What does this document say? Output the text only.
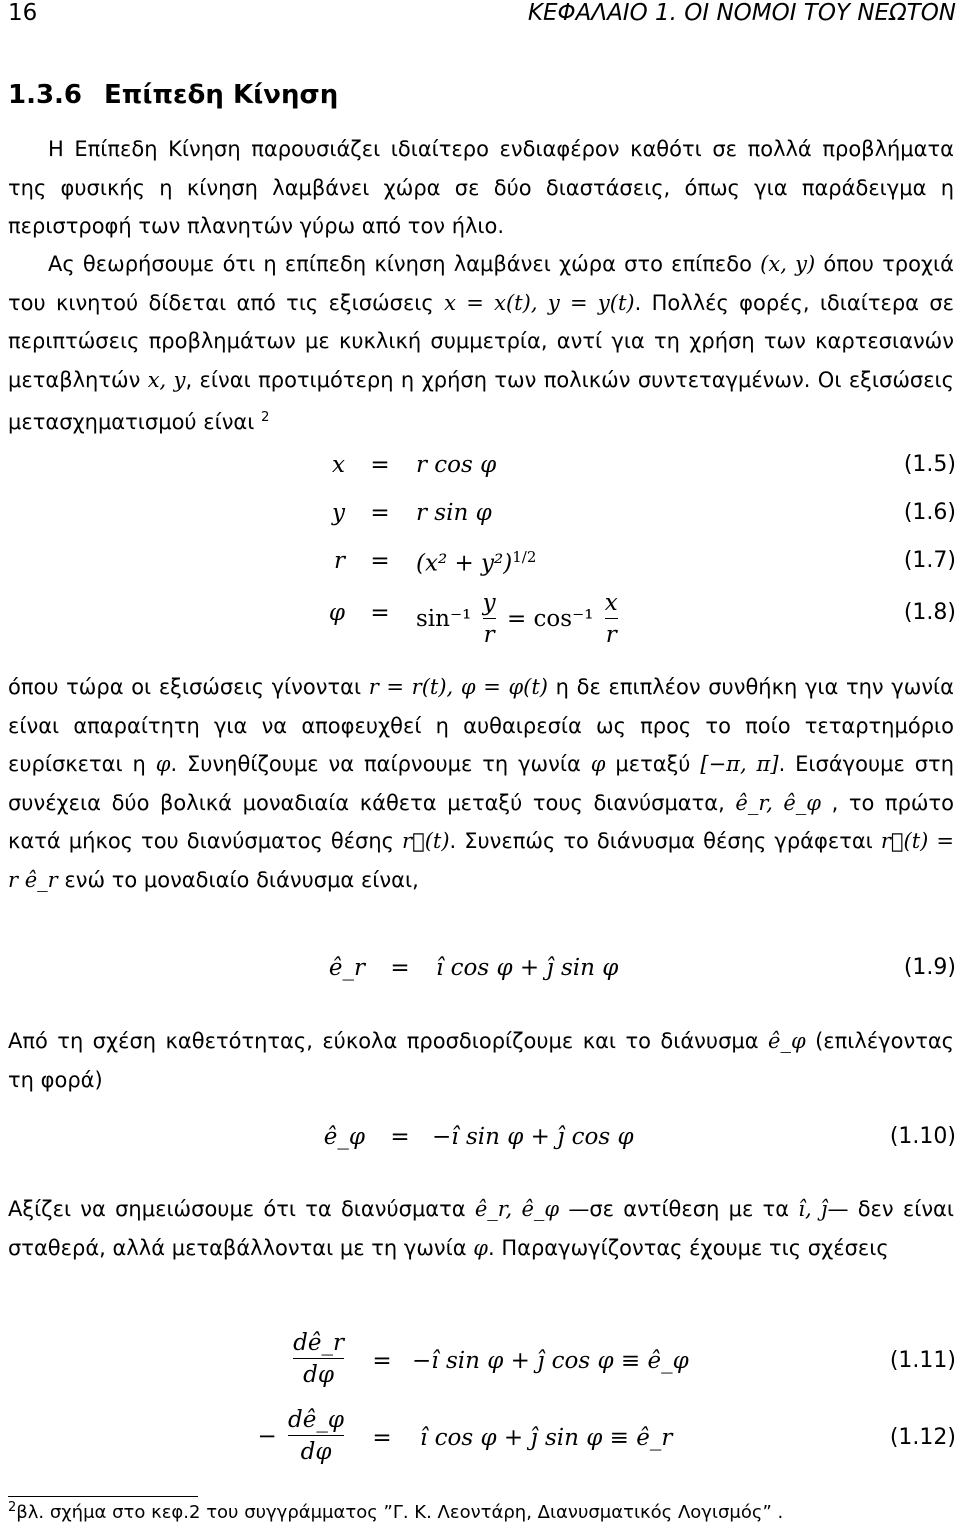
16	ΚΕΦΑΛΑΙΟ 1. ΟΙ ΝΟΜΟΙ ΤΟΥ ΝΕΩΤΟΝ
1.3.6 Επίπεδη Κίνηση

Η Επίπεδη Κίνηση παρουσιάζει ιδιαίτερο ενδιαφέρον καθότι σε πολλά προβλήματα της φυσικής η κίνηση λαμβάνει χώρα σε δύο διαστάσεις, όπως για παράδειγμα η περιστροφή των πλανητών γύρω από τον ήλιο.

Ας θεωρήσουμε ότι η επίπεδη κίνηση λαμβάνει χώρα στο επίπεδο (x, y) όπου τροχιά του κινητού δίδεται από τις εξισώσεις x = x(t), y = y(t). Πολλές φορές, ιδιαίτερα σε περιπτώσεις προβλημάτων με κυκλική συμμετρία, αντί για τη χρήση των καρτεσιανών μεταβλητών x, y, είναι προτιμότερη η χρήση των πολικών συντεταγμένων. Οι εξισώσεις μετασχηματισμού είναι $^2$

x	=	r cos φ	(1.5)
y	=	r sin φ	(1.6)
r	=	$(x^2 + y^2)^{1/2}$	(1.7)
φ	=	$\sin^{-1} \frac{y}{r} = \cos^{-1} \frac{x}{r}$	(1.8)

όπου τώρα οι εξισώσεις γίνονται r = r(t), φ = φ(t) η δε επιπλέον συνθήκη για την γωνία είναι απαραίτητη για να αποφευχθεί η αυθαιρεσία ως προς το ποίο τεταρτημόριο ευρίσκεται η φ. Συνηθίζουμε να παίρνουμε τη γωνία φ μεταξύ [−π, π]. Εισάγουμε στη συνέχεια δύο βολικά μοναδιαία κάθετα μεταξύ τους διανύσματα, ê_r, ê_φ , το πρώτο κατά μήκος του διανύσματος θέσης r⃗(t). Συνεπώς το διάνυσμα θέσης γράφεται r⃗(t) = r ê_r ενώ το μοναδιαίο διάνυσμα είναι,

ê_r	=	î cos φ + ĵ sin φ	(1.9)

Από τη σχέση καθετότητας, εύκολα προσδιορίζουμε και το διάνυσμα ê_φ (επιλέγοντας τη φορά)

ê_φ	= −î sin φ + ĵ cos φ	(1.10)

Αξίζει να σημειώσουμε ότι τα διανύσματα ê_r, ê_φ —σε αντίθεση με τα î, ĵ— δεν είναι σταθερά, αλλά μεταβάλλονται με τη γωνία φ. Παραγωγίζοντας έχουμε τις σχέσεις

$\frac{dê\_r}{d\varphi}$	= −î sin φ + ĵ cos φ ≡ ê_φ	(1.11)
− $\frac{dê\_\varphi}{d\varphi}$	=	î cos φ + ĵ sin φ ≡ ê_r	(1.12)
$^2$βλ. σχήμα στο κεφ.2 του συγγράμματος ”Γ. Κ. Λεοντάρη, Διανυσματικός Λογισμός” .
